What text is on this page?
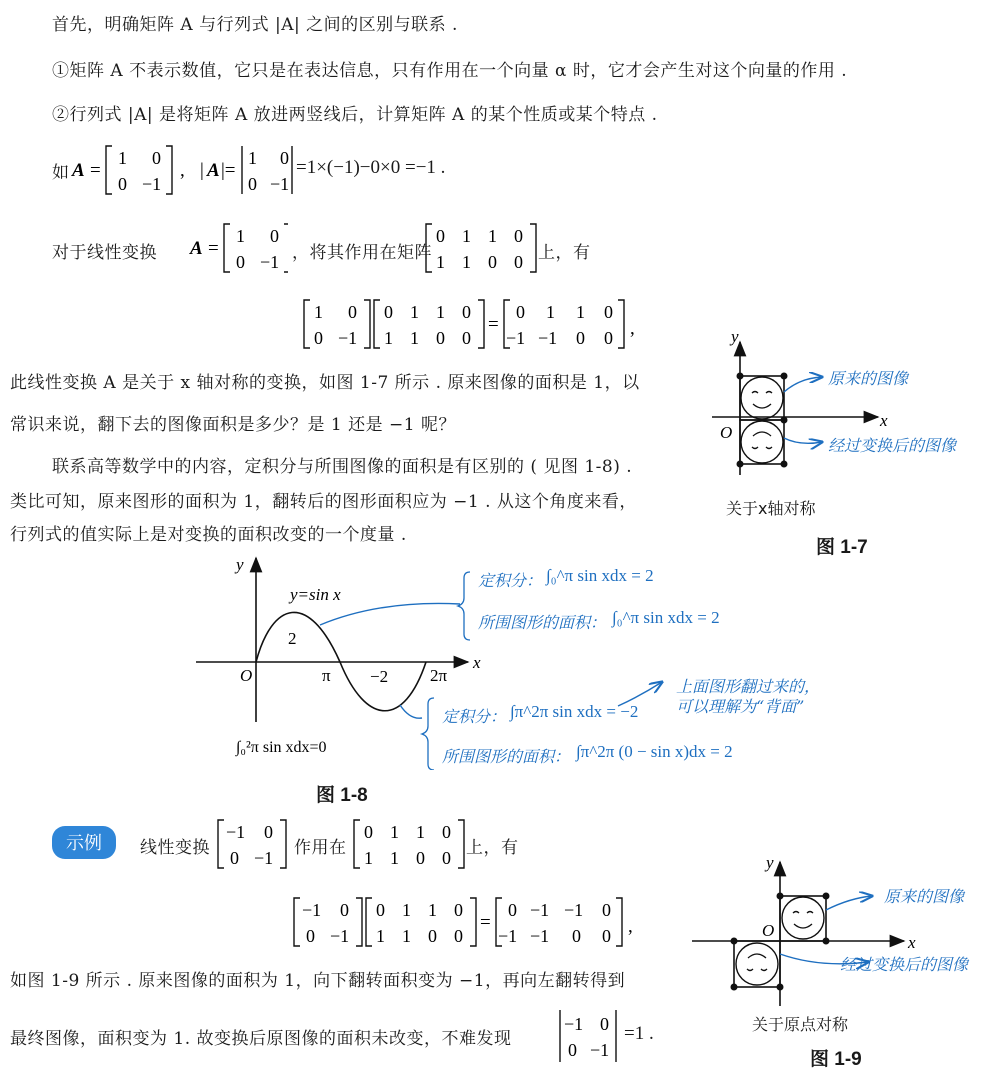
首先，明确矩阵 A 与行列式 |A| 之间的区别与联系 .
①矩阵 A 不表示数值，它只是在表达信息，只有作用在一个向量 α 时，它才会产生对这个向量的作用 .
②行列式 |A| 是将矩阵 A 放进两竖线后，计算矩阵 A 的某个性质或某个特点 .
如 A =
1 0
0 −1
, | A |=
1 0
0 −1
=1×(−1)−0×0 =−1 .
对于线性变换 A =
1 0
0 −1 ，将其作用在矩阵
0 1 1 0
1 1 0 0 上，有
1 0
0 −1
0 1 1 0
1 1 0 0
=
0 1 1 0
−1 −1 0 0 ,
此线性变换 A 是关于 x 轴对称的变换，如图 1-7 所示 . 原来图像的面积是 1，以
常识来说，翻下去的图像面积是多少？是 1 还是 −1 呢？
联系高等数学中的内容，定积分与所围图像的面积是有区别的 ( 见图 1-8) .
类比可知，原来图形的面积为 1，翻转后的图形面积应为 −1 . 从这个角度来看，
行列式的值实际上是对变换的面积改变的一个度量 .
x
y
O
原来的图像
经过变换后的图像
关于x轴对称
图 1-7
x
y
O
y=sin x
2
−2
π	2π
∫₀²π sin xdx=0
定积分： ∫₀^π sin xdx = 2
所围图形的面积： ∫₀^π sin xdx = 2
定积分： ∫π^2π sin xdx = −2
所围图形的面积： ∫π^2π (0 − sin x)dx = 2
上面图形翻过来的，
可以理解为“背面”
图 1-8
示例	线性变换
−1 0
0 −1 作用在
0 1 1 0
1 1 0 0 上，有
−1 0
0 −1
0 1 1 0
1 1 0 0
=
0 −1 −1 0
−1 −1 0 0 ,
如图 1-9 所示 . 原来图像的面积为 1，向下翻转面积变为 −1，再向左翻转得到
最终图像，面积变为 1. 故变换后原图像的面积未改变，不难发现
−1 0
0 −1
=1 .
x
y
O
原来的图像
经过变换后的图像
关于原点对称
图 1-9
